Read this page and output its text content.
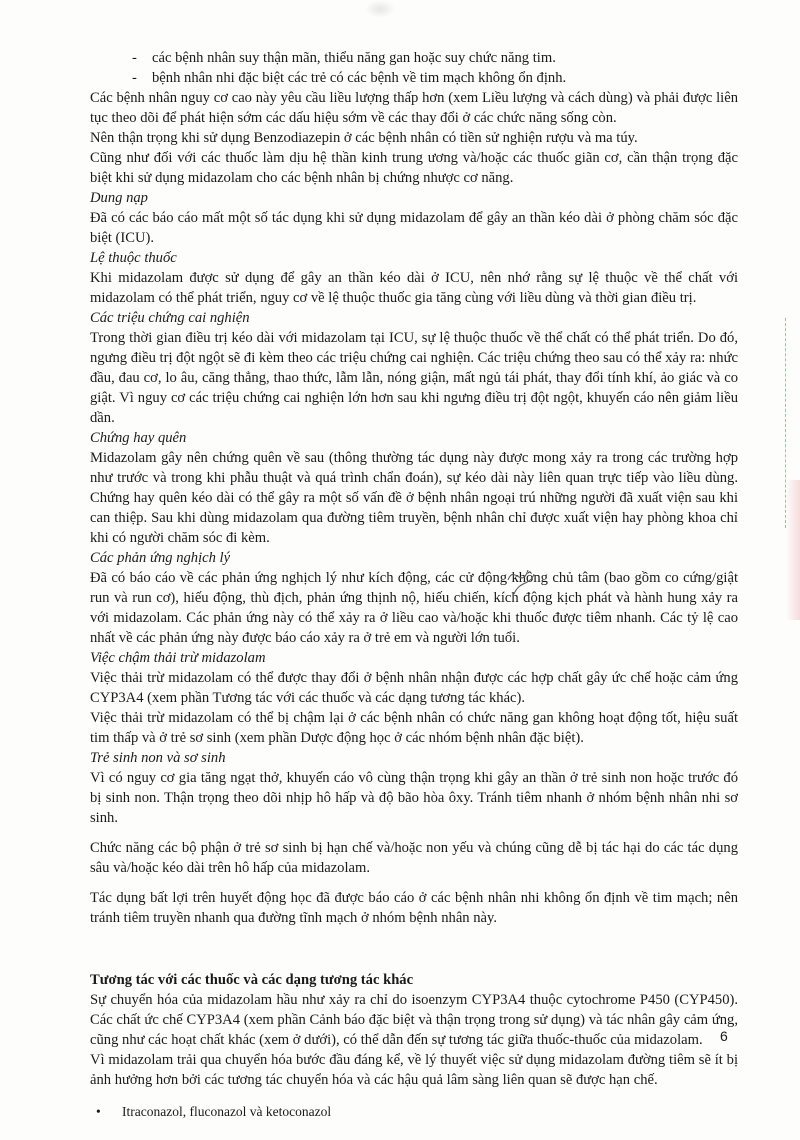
- các bệnh nhân suy thận mãn, thiểu năng gan hoặc suy chức năng tim.

- bệnh nhân nhi đặc biệt các trẻ có các bệnh về tim mạch không ổn định.

Các bệnh nhân nguy cơ cao này yêu cầu liều lượng thấp hơn (xem Liều lượng và cách dùng) và phải được liên tục theo dõi để phát hiện sớm các dấu hiệu sớm về các thay đổi ở các chức năng sống còn.

Nên thận trọng khi sử dụng Benzodiazepin ở các bệnh nhân có tiền sử nghiện rượu và ma túy.

Cũng như đối với các thuốc làm dịu hệ thần kinh trung ương và/hoặc các thuốc giãn cơ, cần thận trọng đặc biệt khi sử dụng midazolam cho các bệnh nhân bị chứng nhược cơ năng.

Dung nạp

Đã có các báo cáo mất một số tác dụng khi sử dụng midazolam để gây an thần kéo dài ở phòng chăm sóc đặc biệt (ICU).

Lệ thuộc thuốc

Khi midazolam được sử dụng để gây an thần kéo dài ở ICU, nên nhớ rằng sự lệ thuộc về thể chất với midazolam có thể phát triển, nguy cơ về lệ thuộc thuốc gia tăng cùng với liều dùng và thời gian điều trị.

Các triệu chứng cai nghiện

Trong thời gian điều trị kéo dài với midazolam tại ICU, sự lệ thuộc thuốc về thể chất có thể phát triển. Do đó, ngưng điều trị đột ngột sẽ đi kèm theo các triệu chứng cai nghiện. Các triệu chứng theo sau có thể xảy ra: nhức đầu, đau cơ, lo âu, căng thẳng, thao thức, lẫm lẫn, nóng giận, mất ngủ tái phát, thay đổi tính khí, ảo giác và co giật. Vì nguy cơ các triệu chứng cai nghiện lớn hơn sau khi ngưng điều trị đột ngột, khuyến cáo nên giảm liều dần.

Chứng hay quên

Midazolam gây nên chứng quên về sau (thông thường tác dụng này được mong xảy ra trong các trường hợp như trước và trong khi phẫu thuật và quá trình chẩn đoán), sự kéo dài này liên quan trực tiếp vào liều dùng. Chứng hay quên kéo dài có thể gây ra một số vấn đề ở bệnh nhân ngoại trú những người đã xuất viện sau khi can thiệp. Sau khi dùng midazolam qua đường tiêm truyền, bệnh nhân chỉ được xuất viện hay phòng khoa chỉ khi có người chăm sóc đi kèm.

Các phản ứng nghịch lý

Đã có báo cáo về các phản ứng nghịch lý như kích động, các cử động không chủ tâm (bao gồm co cứng/giật run và run cơ), hiếu động, thù địch, phản ứng thịnh nộ, hiếu chiến, kích động kịch phát và hành hung xảy ra với midazolam. Các phản ứng này có thể xảy ra ở liều cao và/hoặc khi thuốc được tiêm nhanh. Các tỷ lệ cao nhất về các phản ứng này được báo cáo xảy ra ở trẻ em và người lớn tuổi.

Việc chậm thải trừ midazolam

Việc thải trừ midazolam có thể được thay đổi ở bệnh nhân nhận được các hợp chất gây ức chế hoặc cảm ứng CYP3A4 (xem phần Tương tác với các thuốc và các dạng tương tác khác).

Việc thải trừ midazolam có thể bị chậm lại ở các bệnh nhân có chức năng gan không hoạt động tốt, hiệu suất tim thấp và ở trẻ sơ sinh (xem phần Dược động học ở các nhóm bệnh nhân đặc biệt).

Trẻ sinh non và sơ sinh

Vì có nguy cơ gia tăng ngạt thở, khuyến cáo vô cùng thận trọng khi gây an thần ở trẻ sinh non hoặc trước đó bị sinh non. Thận trọng theo dõi nhịp hô hấp và độ bão hòa ôxy. Tránh tiêm nhanh ở nhóm bệnh nhân nhi sơ sinh.

Chức năng các bộ phận ở trẻ sơ sinh bị hạn chế và/hoặc non yếu và chúng cũng dễ bị tác hại do các tác dụng sâu và/hoặc kéo dài trên hô hấp của midazolam.

Tác dụng bất lợi trên huyết động học đã được báo cáo ở các bệnh nhân nhi không ổn định về tim mạch; nên tránh tiêm truyền nhanh qua đường tĩnh mạch ở nhóm bệnh nhân này.

Tương tác với các thuốc và các dạng tương tác khác

Sự chuyển hóa của midazolam hầu như xảy ra chỉ do isoenzym CYP3A4 thuộc cytochrome P450 (CYP450). Các chất ức chế CYP3A4 (xem phần Cảnh báo đặc biệt và thận trọng trong sử dụng) và tác nhân gây cảm ứng, cũng như các hoạt chất khác (xem ở dưới), có thể dẫn đến sự tương tác giữa thuốc-thuốc của midazolam.

Vì midazolam trải qua chuyển hóa bước đầu đáng kể, về lý thuyết việc sử dụng midazolam đường tiêm sẽ ít bị ảnh hưởng hơn bởi các tương tác chuyển hóa và các hậu quả lâm sàng liên quan sẽ được hạn chế.

• Itraconazol, fluconazol và ketoconazol

6
